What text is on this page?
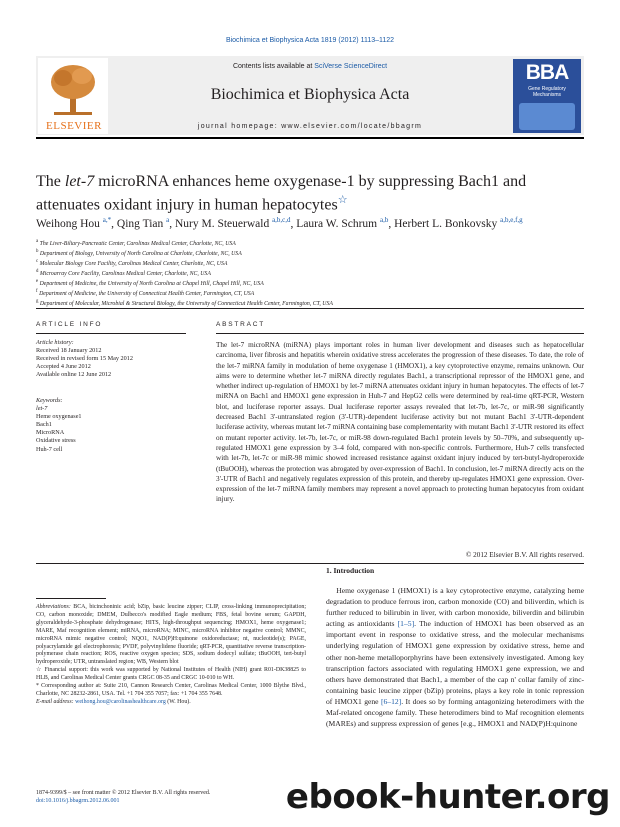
Biochimica et Biophysica Acta 1819 (2012) 1113–1122
ELSEVIER
Contents lists available at SciVerse ScienceDirect
Biochimica et Biophysica Acta
journal homepage: www.elsevier.com/locate/bbagrm
BBA
Gene Regulatory Mechanisms
The let-7 microRNA enhances heme oxygenase-1 by suppressing Bach1 and
attenuates oxidant injury in human hepatocytes☆
Weihong Hou $^{a,*}$, Qing Tian $^a$, Nury M. Steuerwald $^{a,b,c,d}$, Laura W. Schrum $^{a,b}$, Herbert L. Bonkovsky $^{a,b,e,f,g}$
$^a$ The Liver-Biliary-Pancreatic Center, Carolinas Medical Center, Charlotte, NC, USA
$^b$ Department of Biology, University of North Carolina at Charlotte, Charlotte, NC, USA
$^c$ Molecular Biology Core Facility, Carolinas Medical Center, Charlotte, NC, USA
$^d$ Microarray Core Facility, Carolinas Medical Center, Charlotte, NC, USA
$^e$ Department of Medicine, the University of North Carolina at Chapel Hill, Chapel Hill, NC, USA
$^f$ Department of Medicine, the University of Connecticut Health Center, Farmington, CT, USA
$^g$ Department of Molecular, Microbial & Structural Biology, the University of Connecticut Health Center, Farmington, CT, USA
ARTICLE INFO
Article history:
Received 18 January 2012
Received in revised form 15 May 2012
Accepted 4 June 2012
Available online 12 June 2012
Keywords:
let-7
Heme oxygenase1
Bach1
MicroRNA
Oxidative stress
Huh-7 cell
ABSTRACT
The let-7 microRNA (miRNA) plays important roles in human liver development and diseases such as hepatocellular carcinoma, liver fibrosis and hepatitis wherein oxidative stress accelerates the progression of these diseases. To date, the role of the let-7 miRNA family in modulation of heme oxygenase 1 (HMOX1), a key cytoprotective enzyme, remains unknown. Our aims were to determine whether let-7 miRNA directly regulates Bach1, a transcriptional repressor of the HMOX1 gene, and whether indirect up-regulation of HMOX1 by let-7 miRNA attenuates oxidant injury in human hepatocytes. The effects of let-7 miRNA on Bach1 and HMOX1 gene expression in Huh-7 and HepG2 cells were determined by real-time qRT-PCR, Western blot, and luciferase reporter assays. Dual luciferase reporter assays revealed that let-7b, let-7c, or miR-98 significantly decreased Bach1 3'-untranslated region (3'-UTR)-dependent luciferase activity but not mutant Bach1 3'-UTR-dependent luciferase activity, whereas mutant let-7 miRNA containing base complementarity with mutant Bach1 3'-UTR restored its effect on mutant reporter activity. let-7b, let-7c, or miR-98 down-regulated Bach1 protein levels by 50–70%, and subsequently up-regulated HMOX1 gene expression by 3–4 fold, compared with non-specific controls. Furthermore, Huh-7 cells transfected with let-7b, let-7c or miR-98 mimic showed increased resistance against oxidant injury induced by tert-butyl-hydroperoxide (tBuOOH), whereas the protection was abrogated by over-expression of Bach1. In conclusion, let-7 miRNA directly acts on the 3'-UTR of Bach1 and negatively regulates expression of this protein, and thereby up-regulates HMOX1 gene expression. Over-expression of the let-7 miRNA family members may represent a novel approach to protecting human hepatocytes from oxidant injury.
© 2012 Elsevier B.V. All rights reserved.
Abbreviations: BCA, bicinchoninic acid; bZip, basic leucine zipper; CLIP, cross-linking immunoprecipitation; CO, carbon monoxide; DMEM, Dulbecco's modified Eagle medium; FBS, fetal bovine serum; GAPDH, glyceraldehyde-3-phosphate dehydrogenase; HITS, high-throughput sequencing; HMOX1, heme oxygenase1; MARE, Maf recognition element; miRNA, microRNA; MINC, microRNA inhibitor negative control; MMNC, microRNA mimic negative control; NQO1, NAD(P)H:quinone oxidoreductase; nt, nucleotide(s); PAGE, polyacrylamide gel electrophoresis; PVDF, polyvinylidene fluoride; qRT-PCR, quantitative reverse transcription-polymerase chain reaction; ROS, reactive oxygen species; SDS, sodium dodecyl sulfate; tBuOOH, tert-butyl hydroperoxide; UTR, untranslated region; WB, Western blot
☆ Financial support: this work was supported by National Institutes of Health (NIH) grant R01-DK38825 to HLB, and Carolinas Medical Center grants CRGC 08-35 and CRGC 10-010 to WH.
* Corresponding author at: Suite 210, Cannon Research Center, Carolinas Medical Center, 1000 Blythe Blvd., Charlotte, NC 28232-2861, USA. Tel. +1 704 355 7057; fax: +1 704 355 7648.
E-mail address: weihong.hou@carolinashealthcare.org (W. Hou).
1. Introduction
Heme oxygenase 1 (HMOX1) is a key cytoprotective enzyme, catalyzing heme degradation to produce ferrous iron, carbon monoxide (CO) and biliverdin, which is further reduced to bilirubin in liver, with carbon monoxide, biliverdin and bilirubin acting as antioxidants [1–5]. The induction of HMOX1 has been observed as an important event in response to oxidative stress, and the molecular mechanisms underlying regulation of HMOX1 gene expression by oxidative stress, heme and other non-heme metalloporphyrins have been extensively investigated. Among key transcription factors associated with regulating HMOX1 gene expression, we and others have demonstrated that Bach1, a member of the cap n' collar family of zinc-containing basic leucine zipper (bZip) proteins, plays a key role in tonic repression of HMOX1 gene [6–12]. It does so by forming antagonizing heterodimers with the Maf-related oncogene family. These heterodimers bind to Maf recognition elements (MAREs) and suppress expression of genes [e.g., HMOX1 and NAD(P)H:quinone
1874-9399/$ – see front matter © 2012 Elsevier B.V. All rights reserved.
doi:10.1016/j.bbagrm.2012.06.001	ebook-hunter.org
